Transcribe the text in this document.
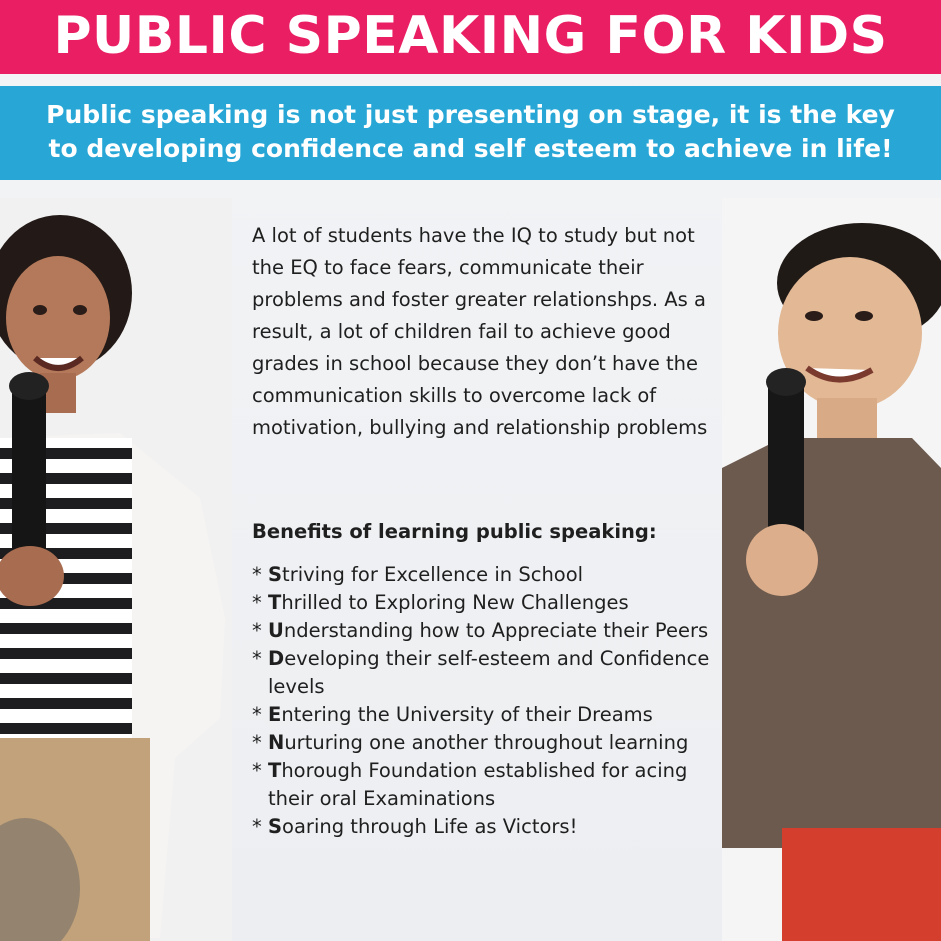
PUBLIC SPEAKING FOR KIDS
Public speaking is not just presenting on stage, it is the key to developing confidence and self esteem to achieve in life!
A lot of students have the IQ to study but not the EQ to face fears, communicate their problems and foster greater relationshps. As a result, a lot of children fail to achieve good grades in school because they don’t have the communication skills to overcome lack of motivation, bullying and relationship problems
Benefits of learning public speaking:
* Striving for Excellence in School
* Thrilled to Exploring New Challenges
* Understanding how to Appreciate their Peers
* Developing their self-esteem and Confidence levels
* Entering the University of their Dreams
* Nurturing one another throughout learning
* Thorough Foundation established for acing their oral Examinations
* Soaring through Life as Victors!
